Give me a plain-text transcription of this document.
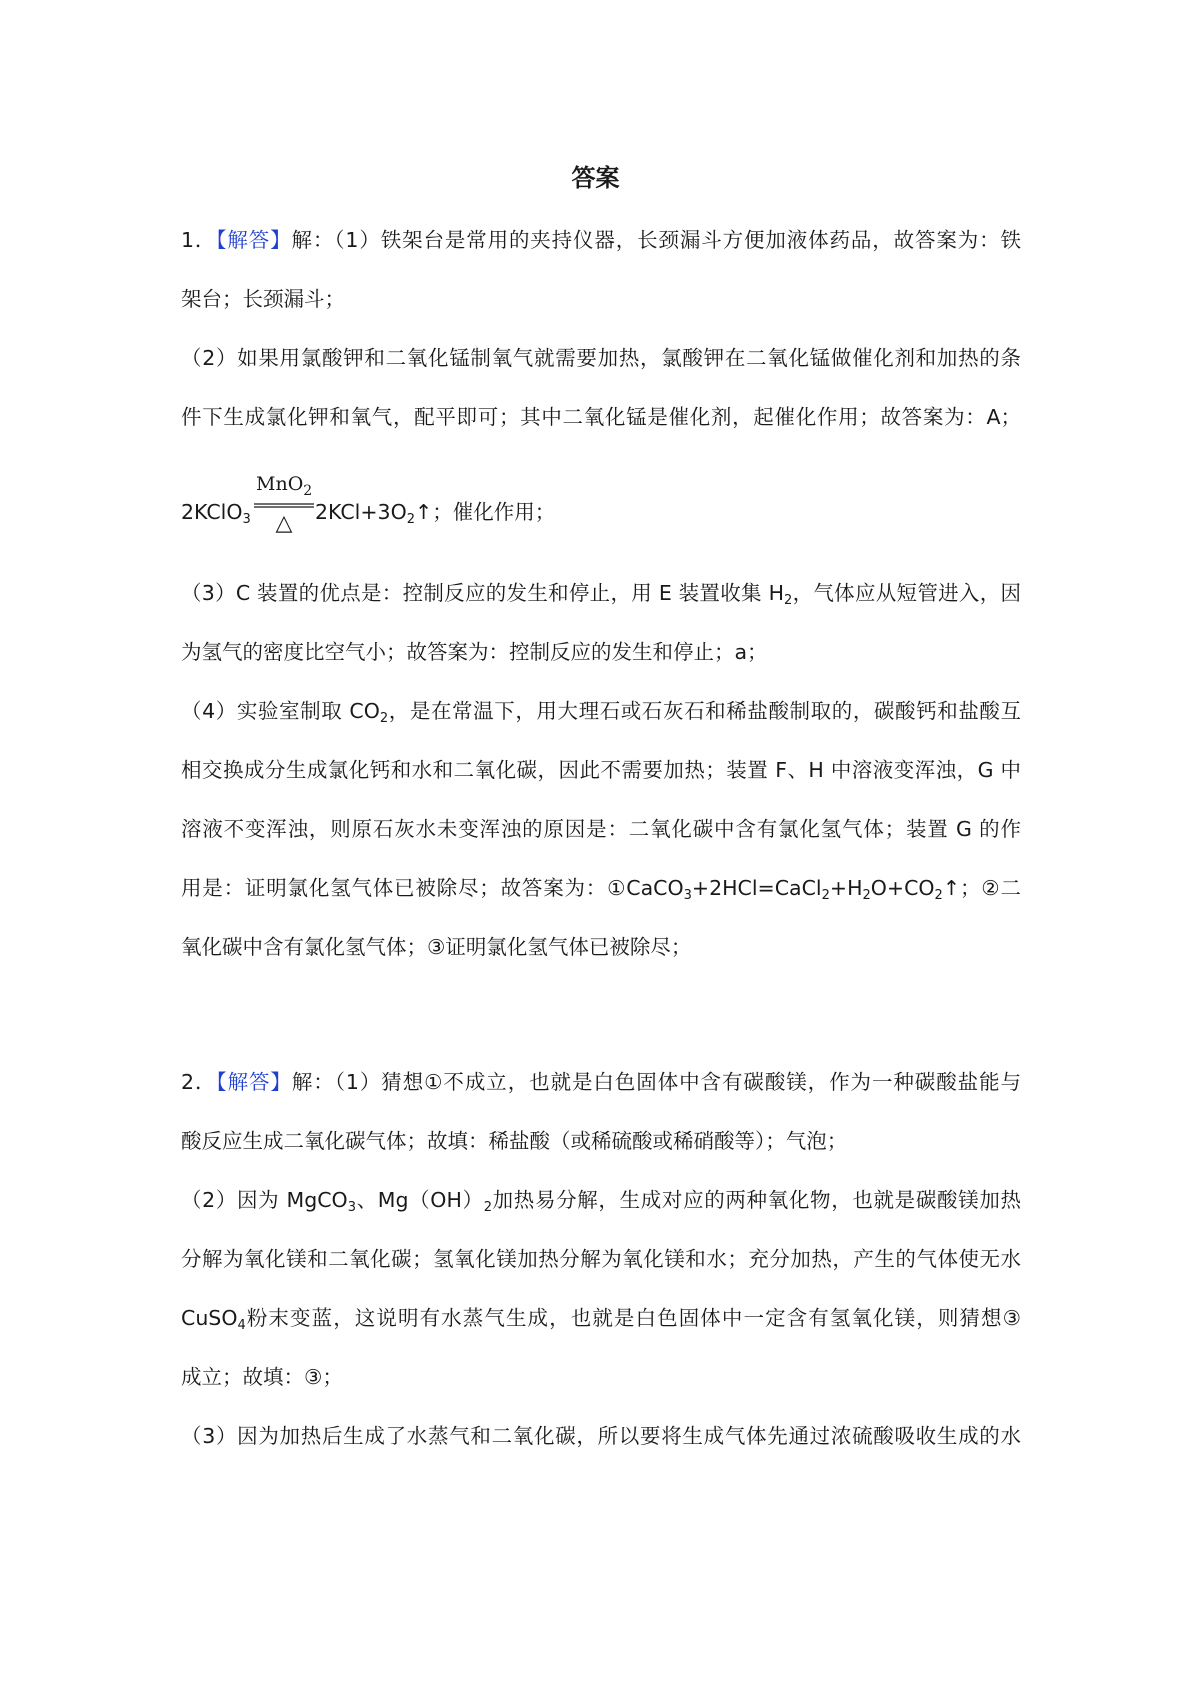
答案
1．【解答】解：（1）铁架台是常用的夹持仪器，长颈漏斗方便加液体药品，故答案为：铁
架台；长颈漏斗；
（2）如果用氯酸钾和二氧化锰制氧气就需要加热，氯酸钾在二氧化锰做催化剂和加热的条
件下生成氯化钾和氧气，配平即可；其中二氧化锰是催化剂，起催化作用；故答案为：A；
2KClO$_3$
MnO$_2$
△ $2KCl+3O_2↑$；催化作用；
（3）C 装置的优点是：控制反应的发生和停止，用 E 装置收集 $H_2$，气体应从短管进入，因
为氢气的密度比空气小；故答案为：控制反应的发生和停止；a；
（4）实验室制取 $CO_2$，是在常温下，用大理石或石灰石和稀盐酸制取的，碳酸钙和盐酸互
相交换成分生成氯化钙和水和二氧化碳，因此不需要加热；装置 F、H 中溶液变浑浊，G 中
溶液不变浑浊，则原石灰水未变浑浊的原因是：二氧化碳中含有氯化氢气体；装置 G 的作
用是：证明氯化氢气体已被除尽；故答案为：$①CaCO_3+2HCl=CaCl_2+H_2O+CO_2↑$；②二
氧化碳中含有氯化氢气体；③证明氯化氢气体已被除尽；
2．【解答】解：（1）猜想①不成立，也就是白色固体中含有碳酸镁，作为一种碳酸盐能与
酸反应生成二氧化碳气体；故填：稀盐酸（或稀硫酸或稀硝酸等）；气泡；
（2）因为 MgCO$_3$、$Mg(OH)_2$加热易分解，生成对应的两种氧化物，也就是碳酸镁加热
分解为氧化镁和二氧化碳；氢氧化镁加热分解为氧化镁和水；充分加热，产生的气体使无水
CuSO$_4$粉末变蓝，这说明有水蒸气生成，也就是白色固体中一定含有氢氧化镁，则猜想③
成立；故填：③；
（3）因为加热后生成了水蒸气和二氧化碳，所以要将生成气体先通过浓硫酸吸收生成的水
